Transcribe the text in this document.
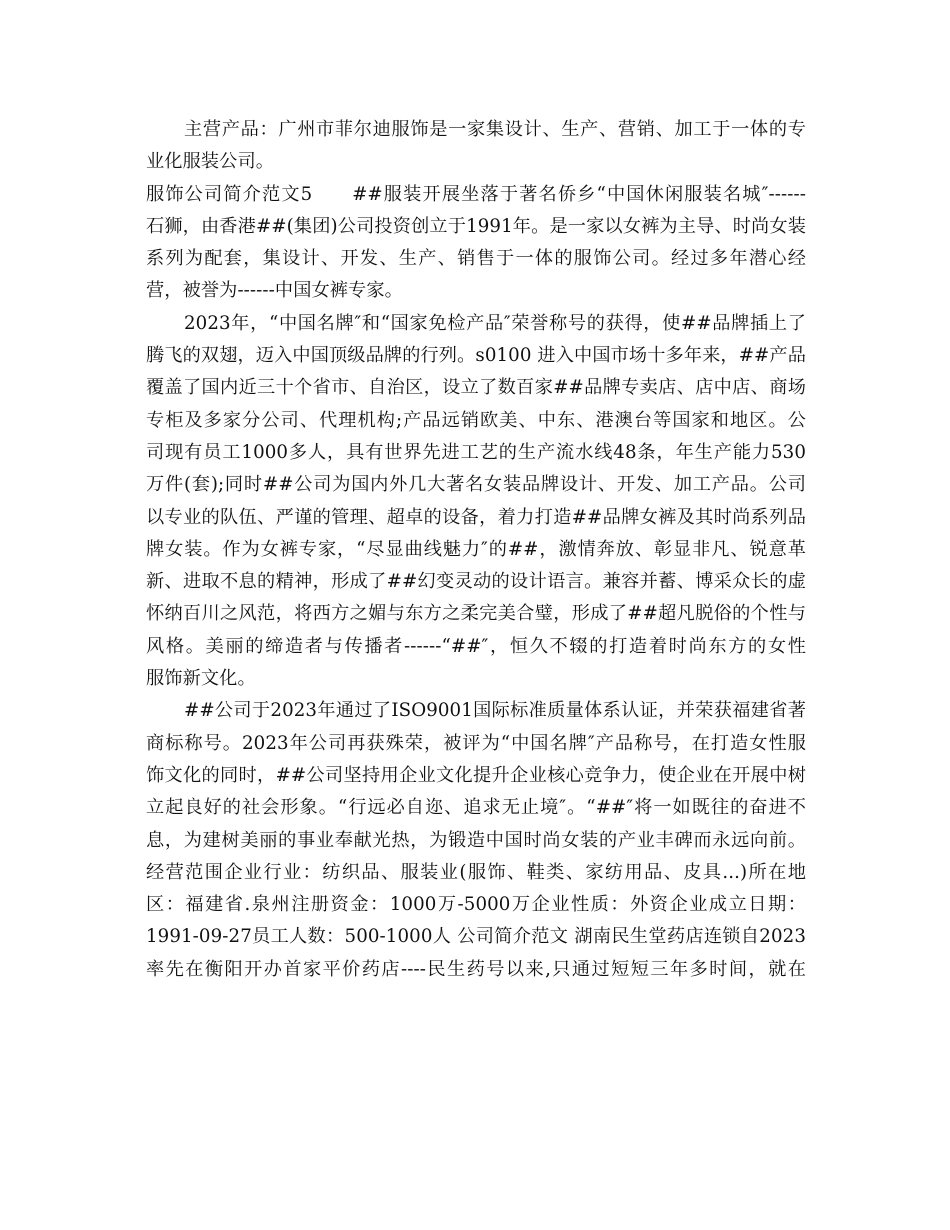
主营产品：广州市菲尔迪服饰是一家集设计、生产、营销、加工于一体的专
业化服装公司。
服饰公司简介范文5　　##服装开展坐落于著名侨乡“中国休闲服装名城″------
石狮，由香港##(集团)公司投资创立于1991年。是一家以女裤为主导、时尚女装
系列为配套，集设计、开发、生产、销售于一体的服饰公司。经过多年潜心经
营，被誉为------中国女裤专家。
2023年，“中国名牌″和“国家免检产品″荣誉称号的获得，使##品牌插上了
腾飞的双翅，迈入中国顶级品牌的行列。s0100 进入中国市场十多年来，##产品
覆盖了国内近三十个省市、自治区，设立了数百家##品牌专卖店、店中店、商场
专柜及多家分公司、代理机构;产品远销欧美、中东、港澳台等国家和地区。公
司现有员工1000多人，具有世界先进工艺的生产流水线48条，年生产能力530
万件(套);同时##公司为国内外几大著名女装品牌设计、开发、加工产品。公司
以专业的队伍、严谨的管理、超卓的设备，着力打造##品牌女裤及其时尚系列品
牌女装。作为女裤专家，“尽显曲线魅力″的##，激情奔放、彰显非凡、锐意革
新、进取不息的精神，形成了##幻变灵动的设计语言。兼容并蓄、博采众长的虚
怀纳百川之风范，将西方之媚与东方之柔完美合璧，形成了##超凡脱俗的个性与
风格。美丽的缔造者与传播者------“##″，恒久不辍的打造着时尚东方的女性
服饰新文化。
##公司于2023年通过了ISO9001国际标准质量体系认证，并荣获福建省著
商标称号。2023年公司再获殊荣，被评为“中国名牌″产品称号，在打造女性服
饰文化的同时，##公司坚持用企业文化提升企业核心竞争力，使企业在开展中树
立起良好的社会形象。“行远必自迩、追求无止境″。“##″将一如既往的奋进不
息，为建树美丽的事业奉献光热，为锻造中国时尚女装的产业丰碑而永远向前。
经营范围企业行业：纺织品、服装业(服饰、鞋类、家纺用品、皮具...)所在地
区：福建省.泉州注册资金：1000万-5000万企业性质：外资企业成立日期：
1991-09-27员工人数：500-1000人 公司简介范文 湖南民生堂药店连锁自2023
率先在衡阳开办首家平价药店----民生药号以来,只通过短短三年多时间，就在
